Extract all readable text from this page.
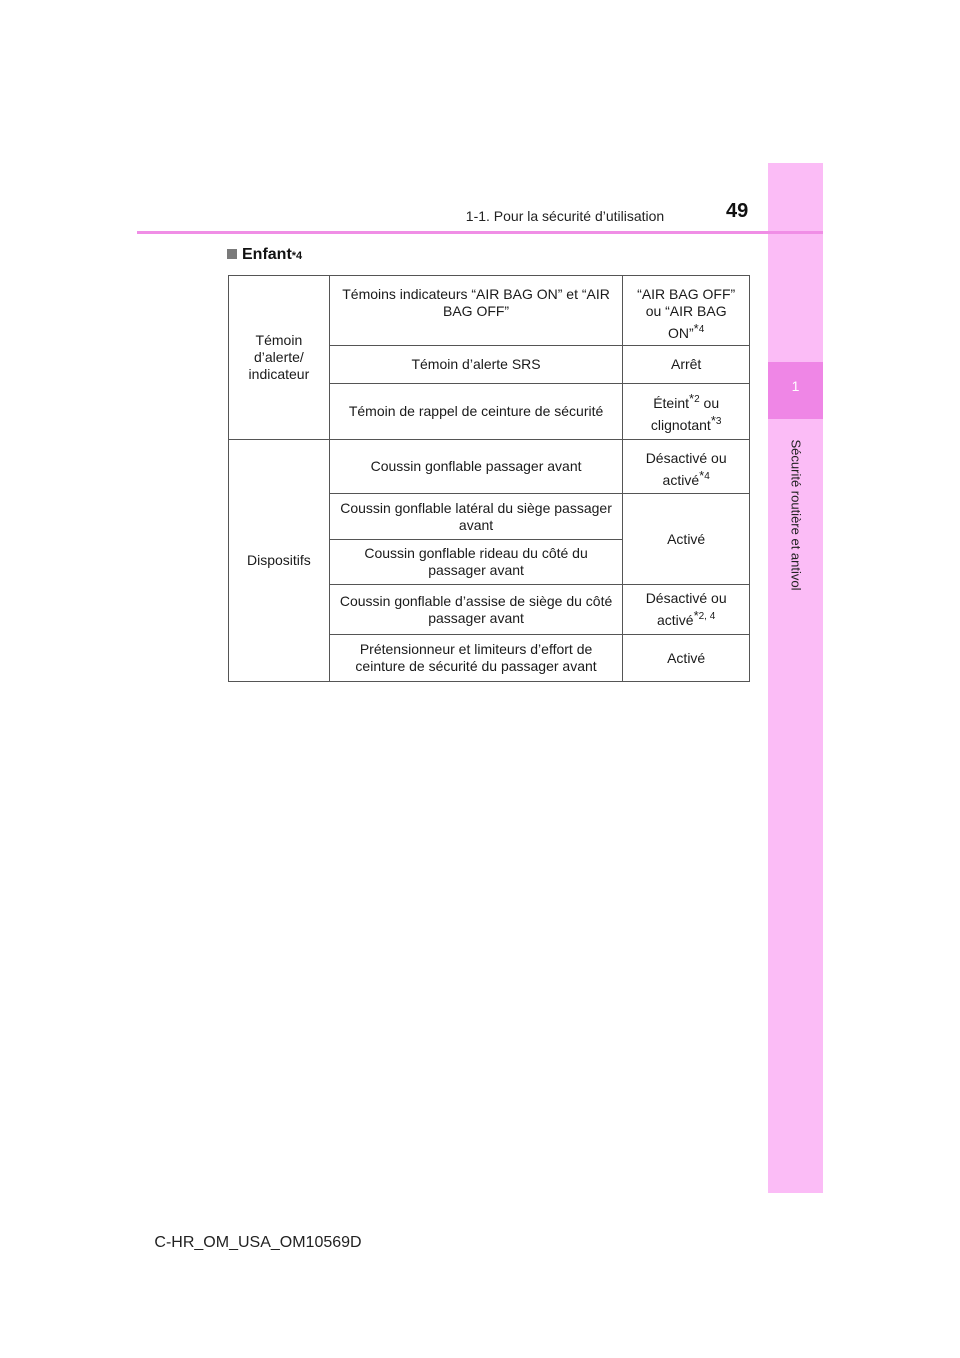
1
Sécurité routière et antivol
1-1. Pour la sécurité d’utilisation	49
Enfant *4
Témoin d’alerte/ indicateur	Témoins indicateurs “AIR BAG ON” et “AIR BAG OFF”	“AIR BAG OFF” ou “AIR BAG ON”*$^4$
	Témoin d’alerte SRS	Arrêt
	Témoin de rappel de ceinture de sécurité	Éteint*$^2$ ou clignotant*$^3$
Dispositifs	Coussin gonflable passager avant	Désactivé ou activé*$^4$
	Coussin gonflable latéral du siège passager avant	Activé
	Coussin gonflable rideau du côté du passager avant	
	Coussin gonflable d’assise de siège du côté passager avant	Désactivé ou activé*$^{2, 4}$
	Prétensionneur et limiteurs d’effort de ceinture de sécurité du passager avant	Activé
C-HR_OM_USA_OM10569D
